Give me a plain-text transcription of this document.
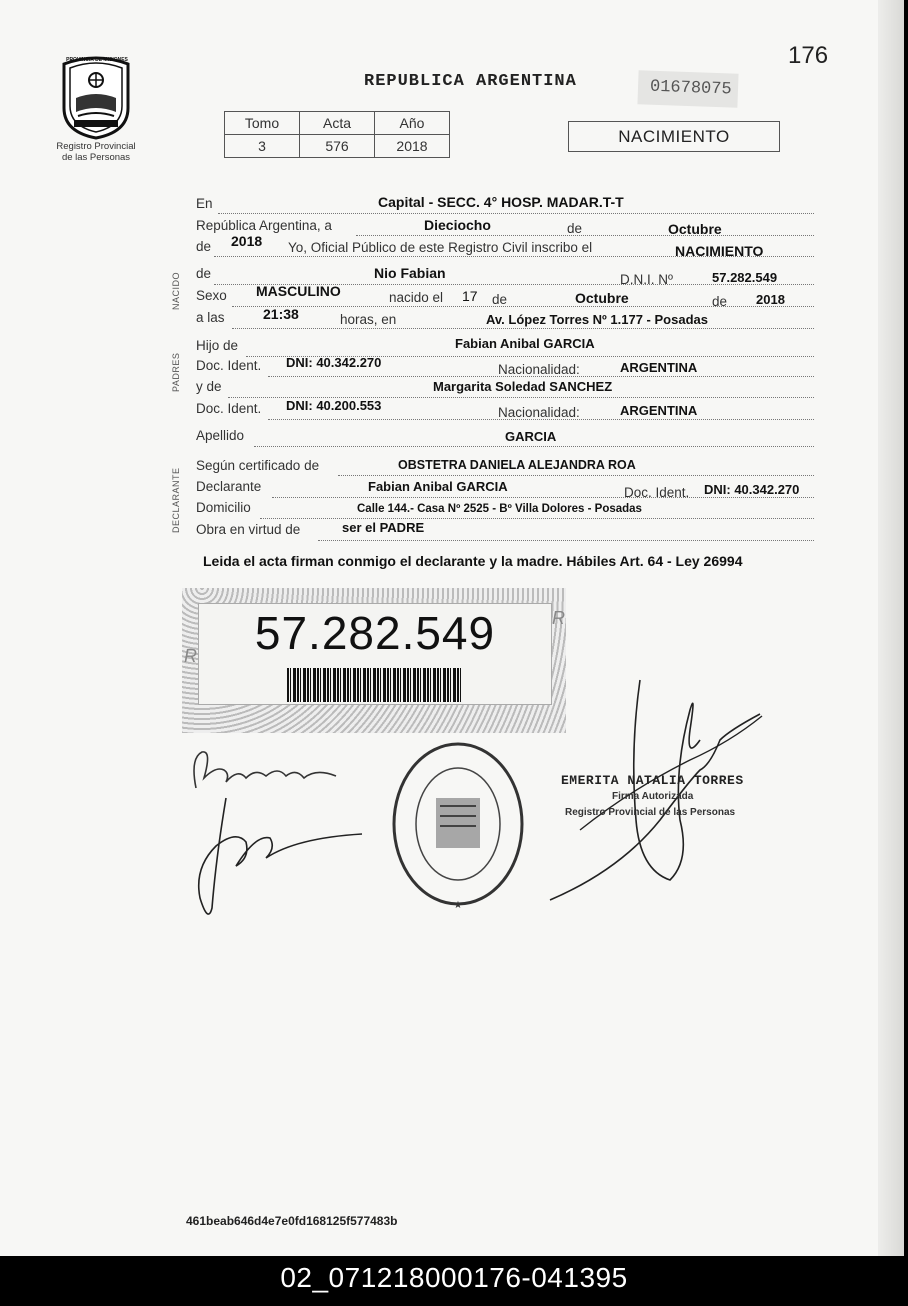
Registro Provincial
de las Personas
PROVINCIA DE MISIONES	176
REPUBLICA ARGENTINA	01678075
Tomo	Acta	Año
3	576	2018	NACIMIENTO
NACIDO
PADRES
DECLARANTE
En	Capital - SECC. 4° HOSP. MADAR.T-T
República Argentina, a	Dieciocho	de	Octubre
de 2018 Yo, Oficial Público de este Registro Civil inscribo el	NACIMIENTO
de	Nio Fabian	D.N.I. Nº	57.282.549
Sexo MASCULINO	nacido el 17 de	Octubre	de 2018
a las	21:38	horas, en	Av. López Torres Nº 1.177 - Posadas
Hijo de	Fabian Anibal GARCIA
Doc. Ident. DNI: 40.342.270	Nacionalidad:	ARGENTINA
y de	Margarita Soledad SANCHEZ
Doc. Ident. DNI: 40.200.553	Nacionalidad:	ARGENTINA
Apellido	GARCIA
Según certificado de	OBSTETRA DANIELA ALEJANDRA ROA
Declarante	Fabian Anibal GARCIA	Doc. Ident. DNI: 40.342.270
Domicilio	Calle 144.- Casa Nº 2525 - Bº Villa Dolores - Posadas
Obra en virtud de	ser el PADRE
Leida el acta firman conmigo el declarante y la madre. Hábiles Art. 64 - Ley 26994
57.282.549
R
R
★
EMERITA NATALIA TORRES
Firma Autorizada
Registro Provincial de las Personas
461beab646d4e7e0fd168125f577483b
02_071218000176-041395
